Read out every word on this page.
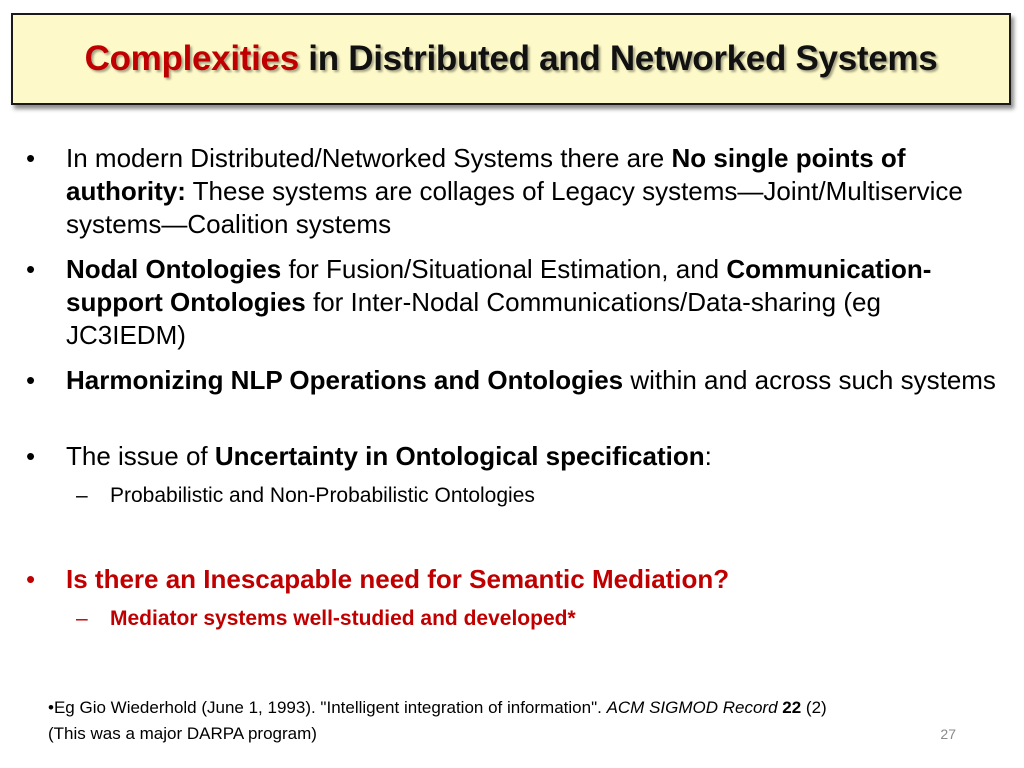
Complexities in Distributed and Networked Systems
• In modern Distributed/Networked Systems there are No single points of authority: These systems are collages of Legacy systems—Joint/Multiservice systems—Coalition systems
• Nodal Ontologies for Fusion/Situational Estimation, and Communication-support Ontologies for Inter-Nodal Communications/Data-sharing (eg JC3IEDM)
• Harmonizing NLP Operations and Ontologies within and across such systems
• The issue of Uncertainty in Ontological specification:
– Probabilistic and Non-Probabilistic Ontologies
• Is there an Inescapable need for Semantic Mediation?
– Mediator systems well-studied and developed*
•Eg Gio Wiederhold (June 1, 1993). "Intelligent integration of information". ACM SIGMOD Record 22 (2)
(This was a major DARPA program)	27
